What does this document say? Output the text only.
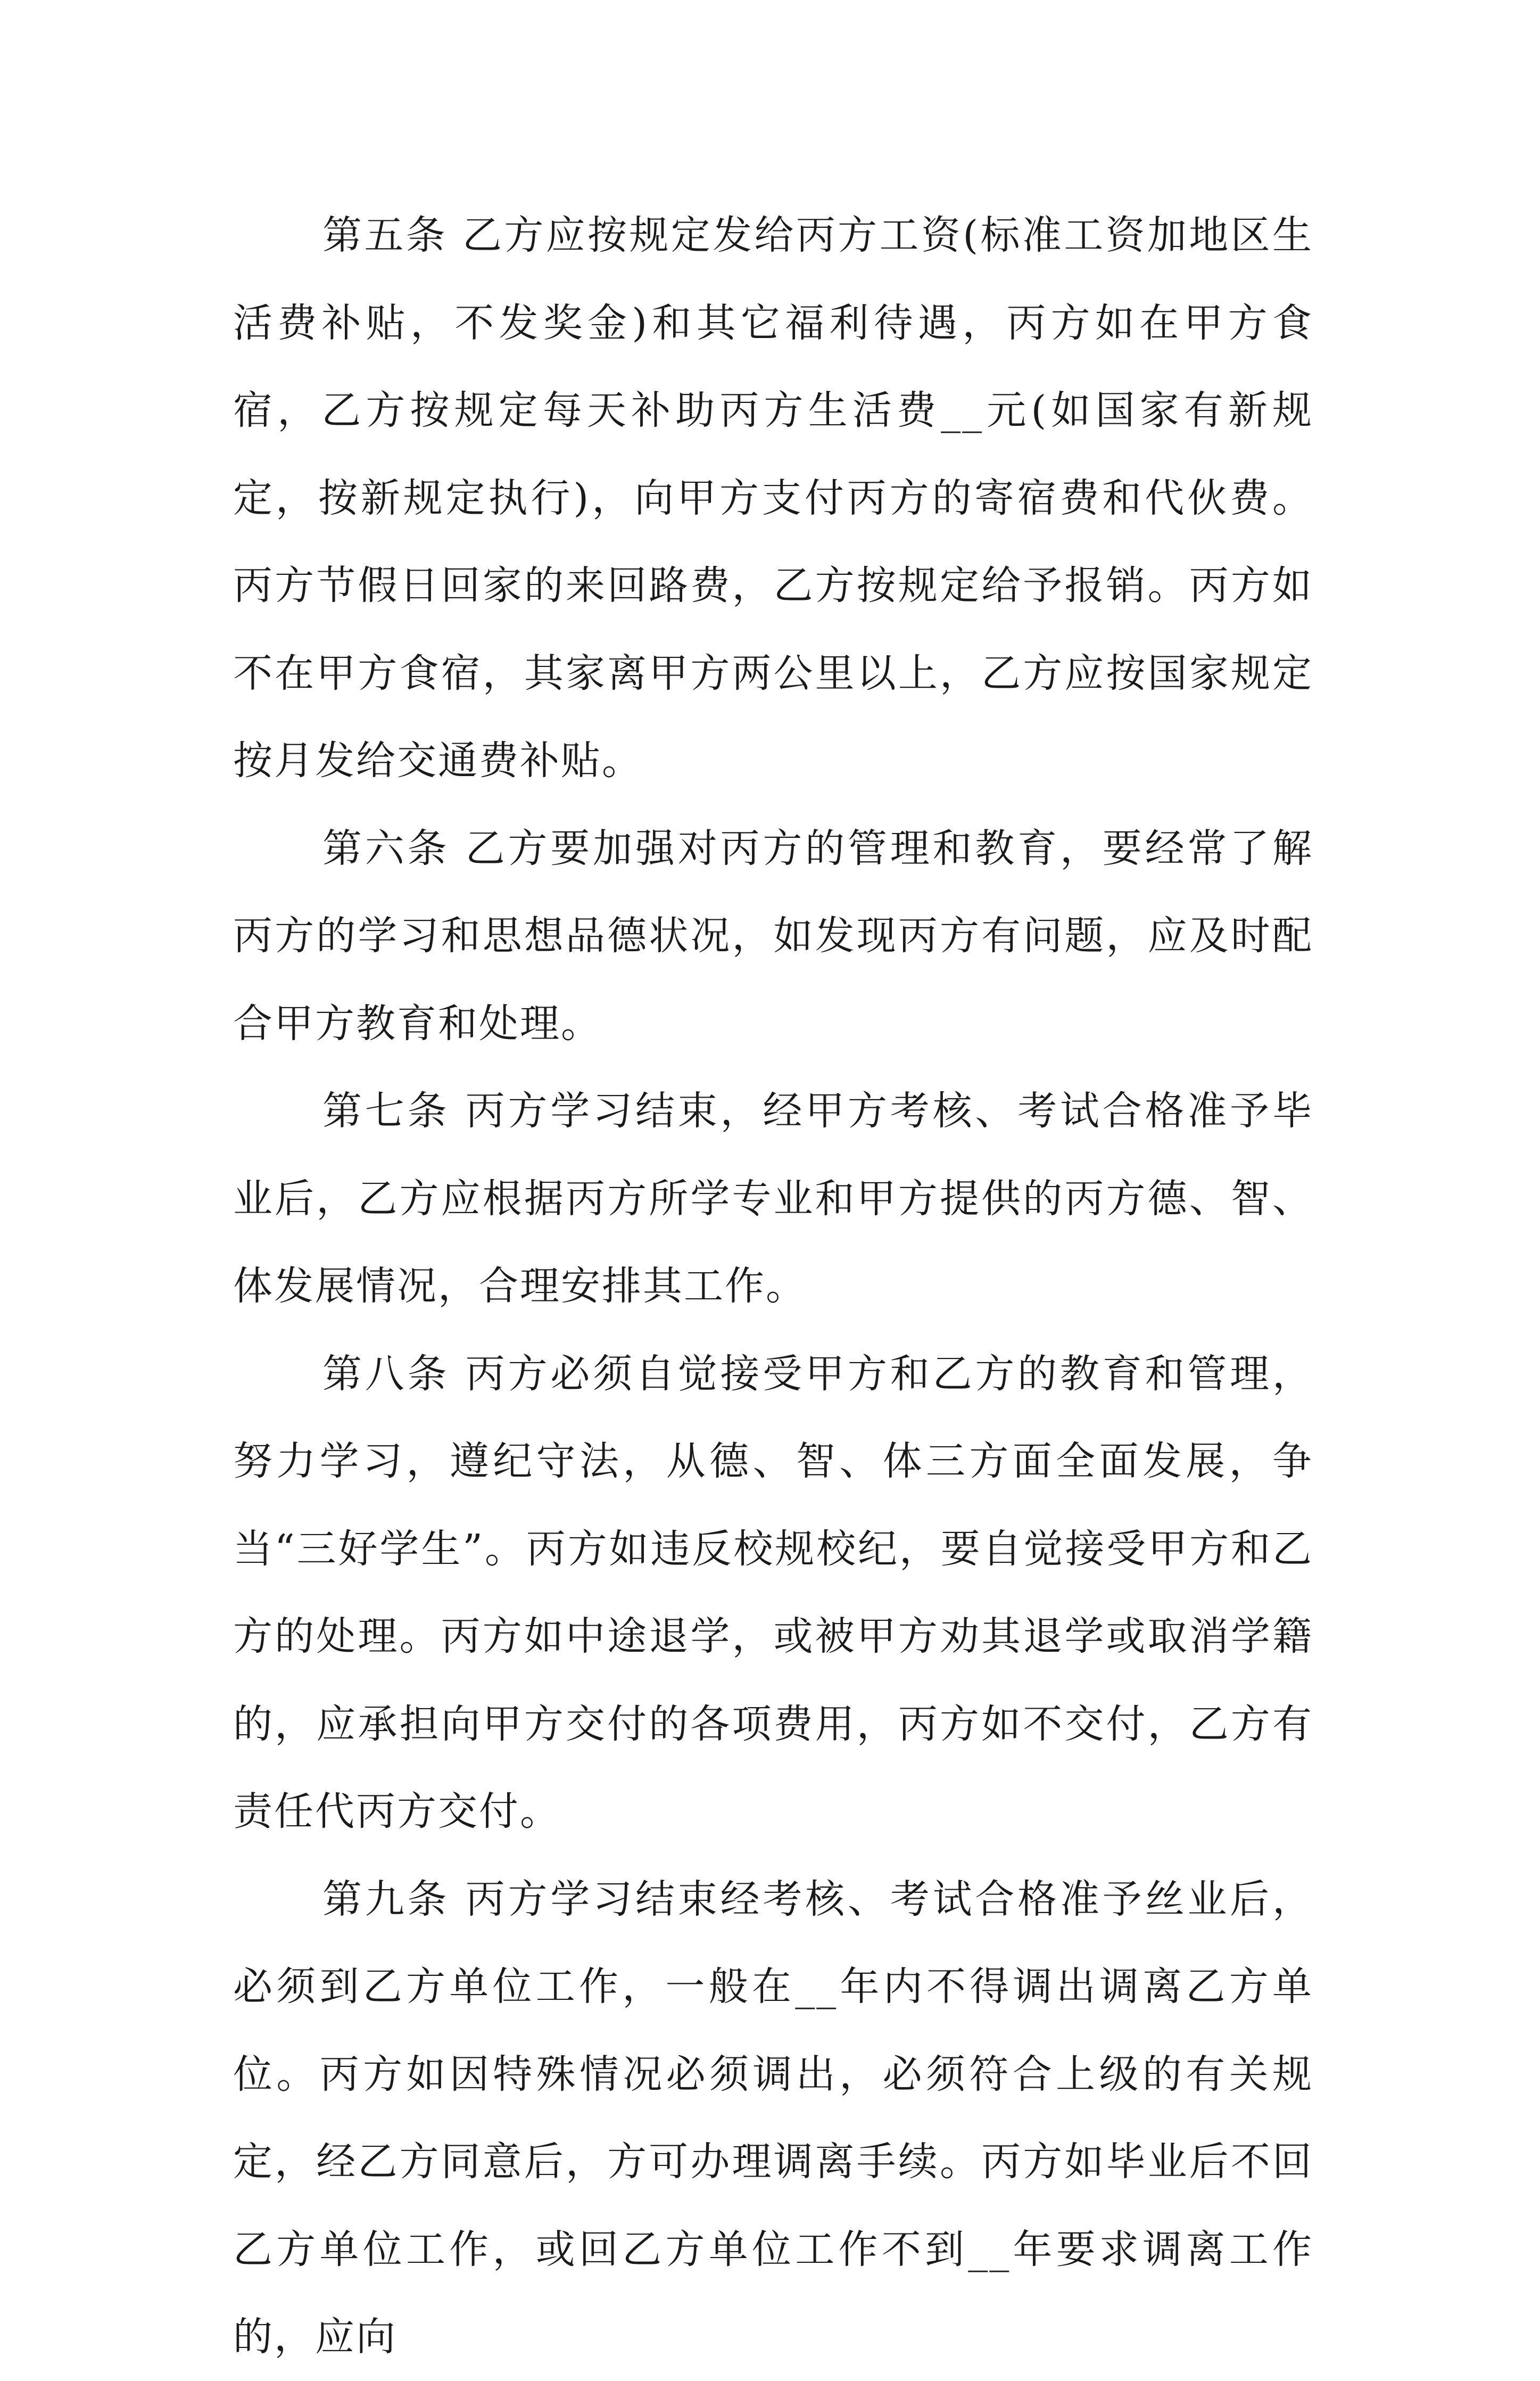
第五条 乙方应按规定发给丙方工资(标准工资加地区生活费补贴，不发奖金)和其它福利待遇，丙方如在甲方食宿，乙方按规定每天补助丙方生活费__元(如国家有新规定，按新规定执行)，向甲方支付丙方的寄宿费和代伙费。丙方节假日回家的来回路费，乙方按规定给予报销。丙方如不在甲方食宿，其家离甲方两公里以上，乙方应按国家规定按月发给交通费补贴。

第六条 乙方要加强对丙方的管理和教育，要经常了解丙方的学习和思想品德状况，如发现丙方有问题，应及时配合甲方教育和处理。

第七条 丙方学习结束，经甲方考核、考试合格准予毕业后，乙方应根据丙方所学专业和甲方提供的丙方德、智、体发展情况，合理安排其工作。

第八条 丙方必须自觉接受甲方和乙方的教育和管理，努力学习，遵纪守法，从德、智、体三方面全面发展，争当“三好学生”。丙方如违反校规校纪，要自觉接受甲方和乙方的处理。丙方如中途退学，或被甲方劝其退学或取消学籍的，应承担向甲方交付的各项费用，丙方如不交付，乙方有责任代丙方交付。

第九条 丙方学习结束经考核、考试合格准予丝业后，必须到乙方单位工作，一般在__年内不得调出调离乙方单位。丙方如因特殊情况必须调出，必须符合上级的有关规定，经乙方同意后，方可办理调离手续。丙方如毕业后不回乙方单位工作，或回乙方单位工作不到__年要求调离工作的，应向
